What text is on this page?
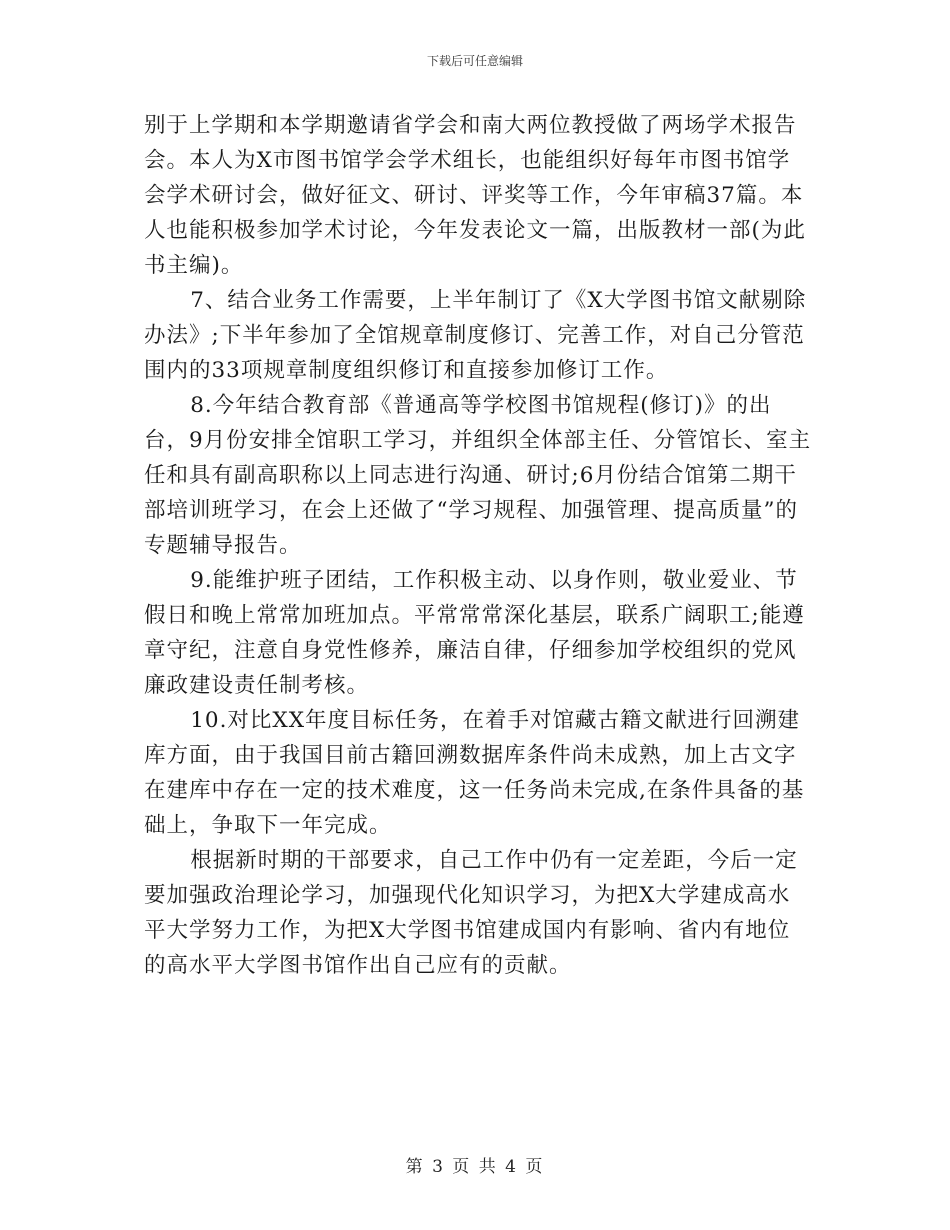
下载后可任意编辑

别于上学期和本学期邀请省学会和南大两位教授做了两场学术报告会。本人为X市图书馆学会学术组长，也能组织好每年市图书馆学会学术研讨会，做好征文、研讨、评奖等工作，今年审稿37篇。本人也能积极参加学术讨论，今年发表论文一篇，出版教材一部(为此书主编)。

7、结合业务工作需要，上半年制订了《X大学图书馆文献剔除办法》;下半年参加了全馆规章制度修订、完善工作，对自己分管范围内的33项规章制度组织修订和直接参加修订工作。

8.今年结合教育部《普通高等学校图书馆规程(修订)》的出台，9月份安排全馆职工学习，并组织全体部主任、分管馆长、室主任和具有副高职称以上同志进行沟通、研讨;6月份结合馆第二期干部培训班学习，在会上还做了“学习规程、加强管理、提高质量”的专题辅导报告。

9.能维护班子团结，工作积极主动、以身作则，敬业爱业、节假日和晚上常常加班加点。平常常常深化基层，联系广阔职工;能遵章守纪，注意自身党性修养，廉洁自律，仔细参加学校组织的党风廉政建设责任制考核。

10.对比XX年度目标任务，在着手对馆藏古籍文献进行回溯建库方面，由于我国目前古籍回溯数据库条件尚未成熟，加上古文字在建库中存在一定的技术难度，这一任务尚未完成,在条件具备的基础上，争取下一年完成。

根据新时期的干部要求，自己工作中仍有一定差距，今后一定要加强政治理论学习，加强现代化知识学习，为把X大学建成高水平大学努力工作，为把X大学图书馆建成国内有影响、省内有地位的高水平大学图书馆作出自己应有的贡献。

第 3 页 共 4 页
